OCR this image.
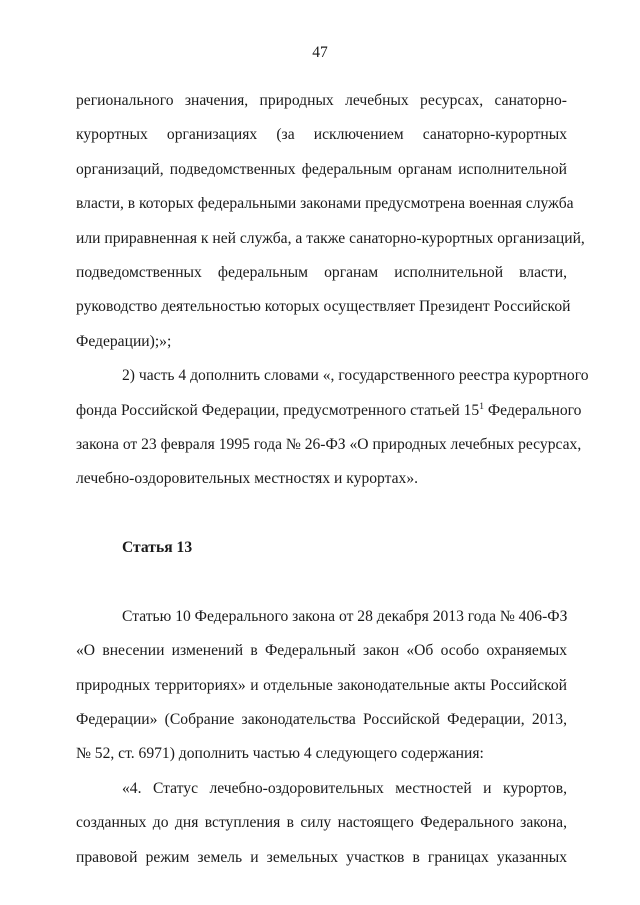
47
регионального значения, природных лечебных ресурсах, санаторно-
курортных организациях (за исключением санаторно-курортных
организаций, подведомственных федеральным органам исполнительной
власти, в которых федеральными законами предусмотрена военная служба
или приравненная к ней служба, а также санаторно-курортных организаций,
подведомственных федеральным органам исполнительной власти,
руководство деятельностью которых осуществляет Президент Российской
Федерации);»;
2) часть 4 дополнить словами «, государственного реестра курортного
фонда Российской Федерации, предусмотренного статьей $15^1$ Федерального
закона от 23 февраля 1995 года № 26-ФЗ «О природных лечебных ресурсах,
лечебно-оздоровительных местностях и курортах».
Статья 13
Статью 10 Федерального закона от 28 декабря 2013 года № 406-ФЗ
«О внесении изменений в Федеральный закон «Об особо охраняемых
природных территориях» и отдельные законодательные акты Российской
Федерации» (Собрание законодательства Российской Федерации, 2013,
№ 52, ст. 6971) дополнить частью 4 следующего содержания:
«4. Статус лечебно-оздоровительных местностей и курортов,
созданных до дня вступления в силу настоящего Федерального закона,
правовой режим земель и земельных участков в границах указанных
